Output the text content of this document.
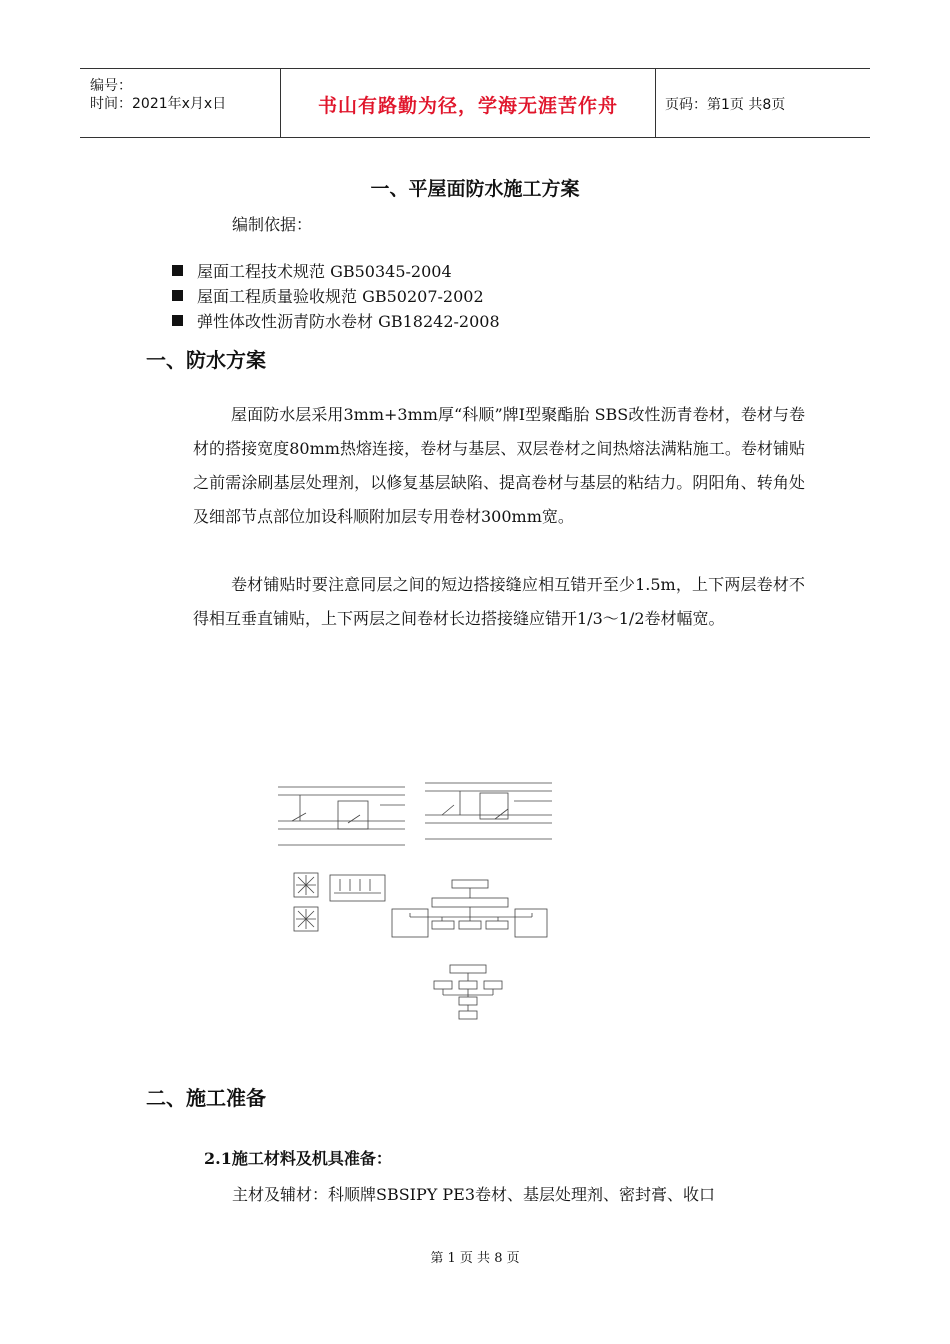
编号：
时间：2021年x月x日	书山有路勤为径，学海无涯苦作舟	页码：第1页 共8页
一、平屋面防水施工方案
编制依据：
屋面工程技术规范 GB50345-2004
屋面工程质量验收规范 GB50207-2002
弹性体改性沥青防水卷材 GB18242-2008
一、防水方案
屋面防水层采用3mm+3mm厚“科顺”牌Ⅰ型聚酯胎 SBS改性沥青卷材，卷材与卷材的搭接宽度80mm热熔连接，卷材与基层、双层卷材之间热熔法满粘施工。卷材铺贴之前需涂刷基层处理剂，以修复基层缺陷、提高卷材与基层的粘结力。阴阳角、转角处及细部节点部位加设科顺附加层专用卷材300mm宽。
卷材铺贴时要注意同层之间的短边搭接缝应相互错开至少1.5m，上下两层卷材不得相互垂直铺贴，上下两层之间卷材长边搭接缝应错开1/3～1/2卷材幅宽。
二、施工准备
2.1施工材料及机具准备：
主材及辅材：科顺牌SBSⅠPY PE3卷材、基层处理剂、密封膏、收口
第 1 页 共 8 页
